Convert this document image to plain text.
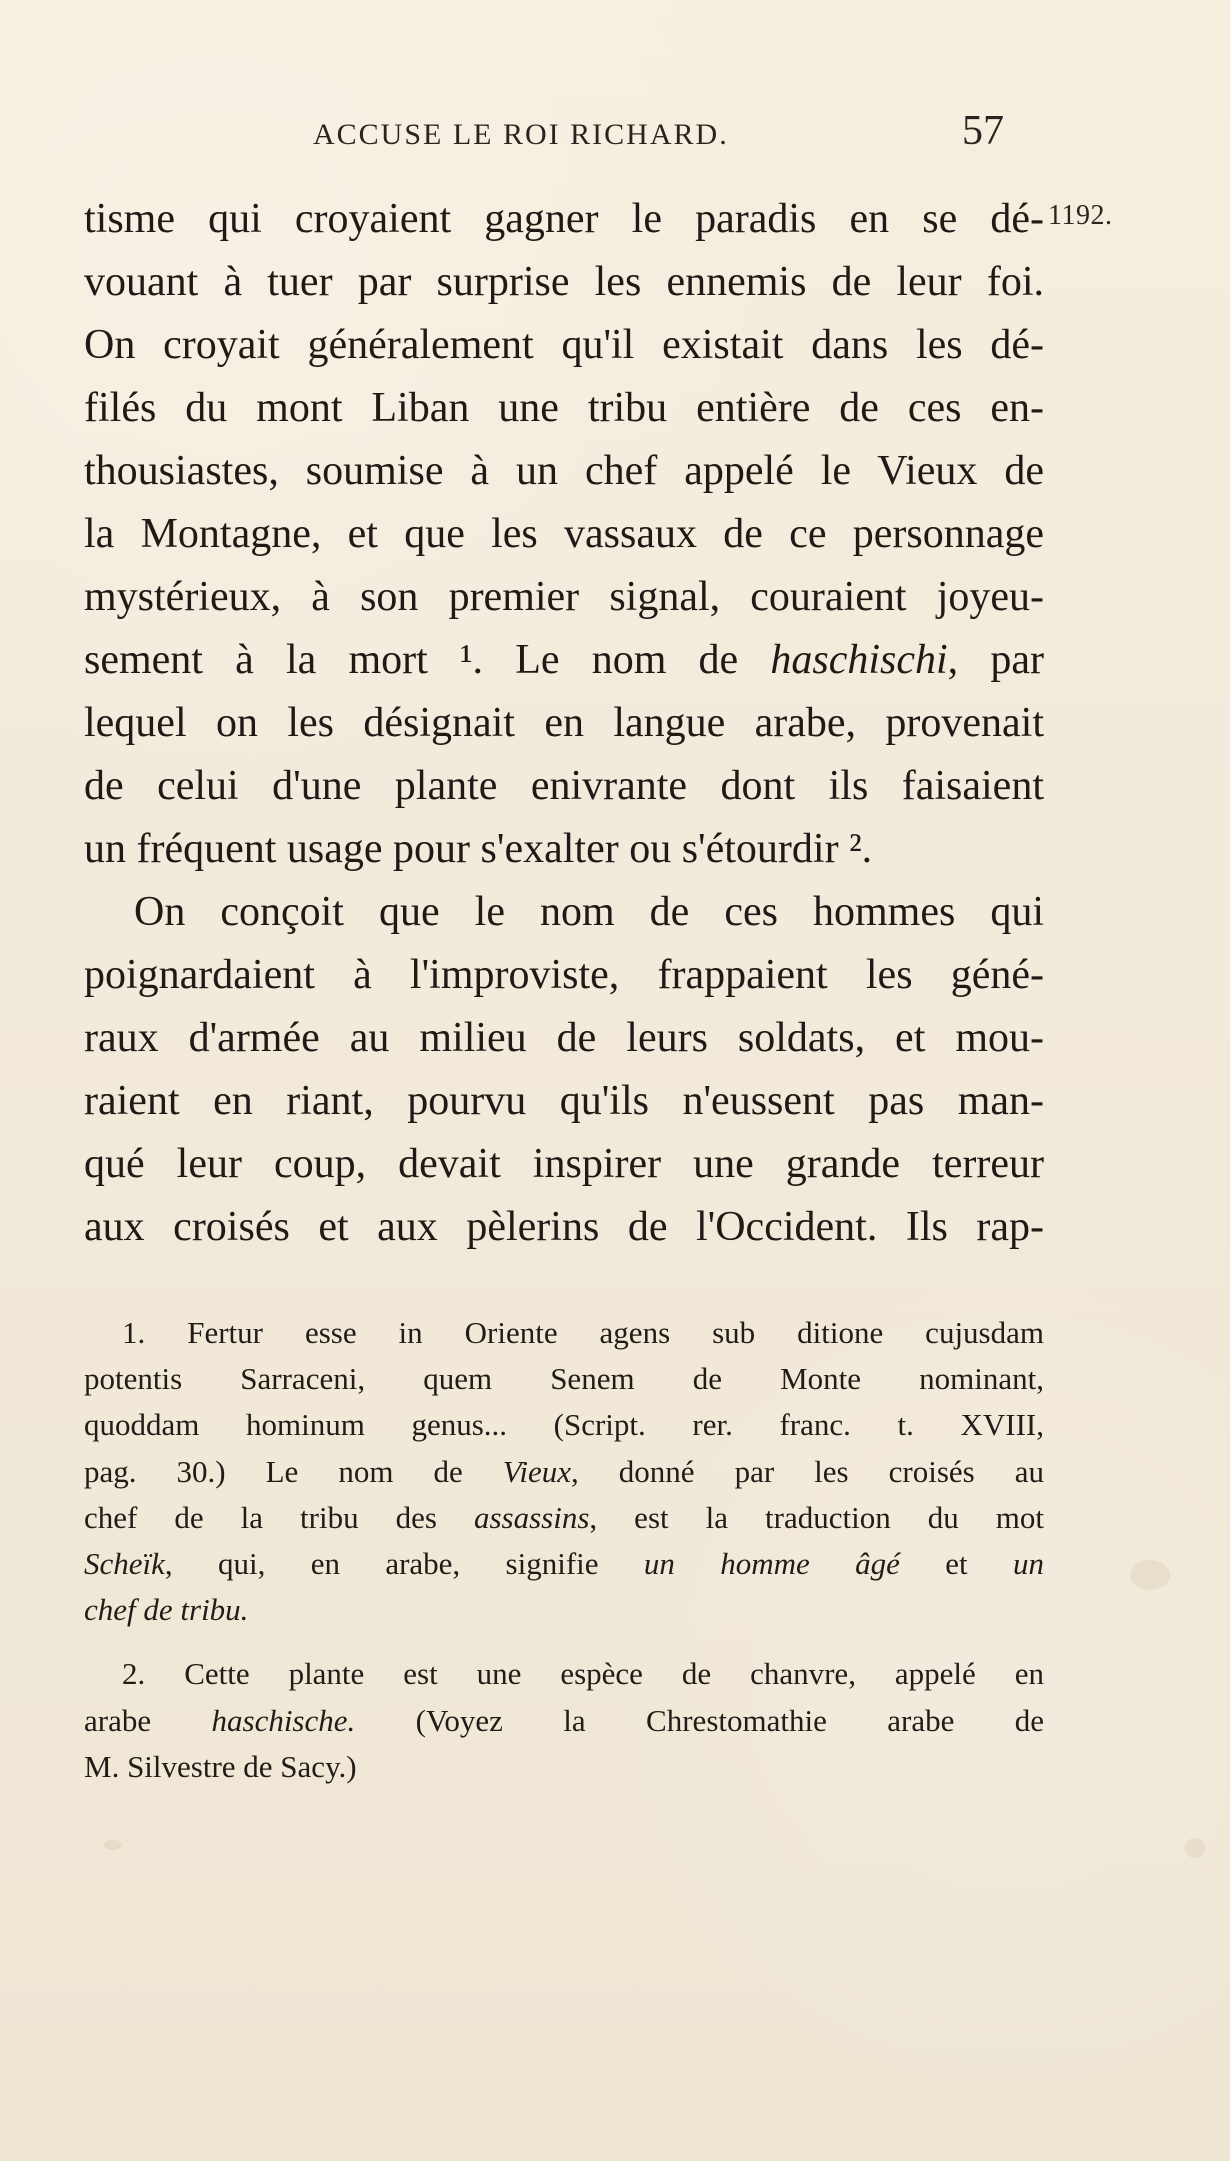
ACCUSE LE ROI RICHARD.	57
1192.
tisme qui croyaient gagner le paradis en se dé-
vouant à tuer par surprise les ennemis de leur foi.
On croyait généralement qu'il existait dans les dé-
filés du mont Liban une tribu entière de ces en-
thousiastes, soumise à un chef appelé le Vieux de
la Montagne, et que les vassaux de ce personnage
mystérieux, à son premier signal, couraient joyeu-
sement à la mort ¹. Le nom de haschischi, par
lequel on les désignait en langue arabe, provenait
de celui d'une plante enivrante dont ils faisaient
un fréquent usage pour s'exalter ou s'étourdir ².
On conçoit que le nom de ces hommes qui
poignardaient à l'improviste, frappaient les géné-
raux d'armée au milieu de leurs soldats, et mou-
raient en riant, pourvu qu'ils n'eussent pas man-
qué leur coup, devait inspirer une grande terreur
aux croisés et aux pèlerins de l'Occident. Ils rap-
1. Fertur esse in Oriente agens sub ditione cujusdam
potentis Sarraceni, quem Senem de Monte nominant,
quoddam hominum genus... (Script. rer. franc. t. XVIII,
pag. 30.) Le nom de Vieux, donné par les croisés au
chef de la tribu des assassins, est la traduction du mot
Scheïk, qui, en arabe, signifie un homme âgé et un
chef de tribu.
2. Cette plante est une espèce de chanvre, appelé en
arabe haschische. (Voyez la Chrestomathie arabe de
M. Silvestre de Sacy.)
